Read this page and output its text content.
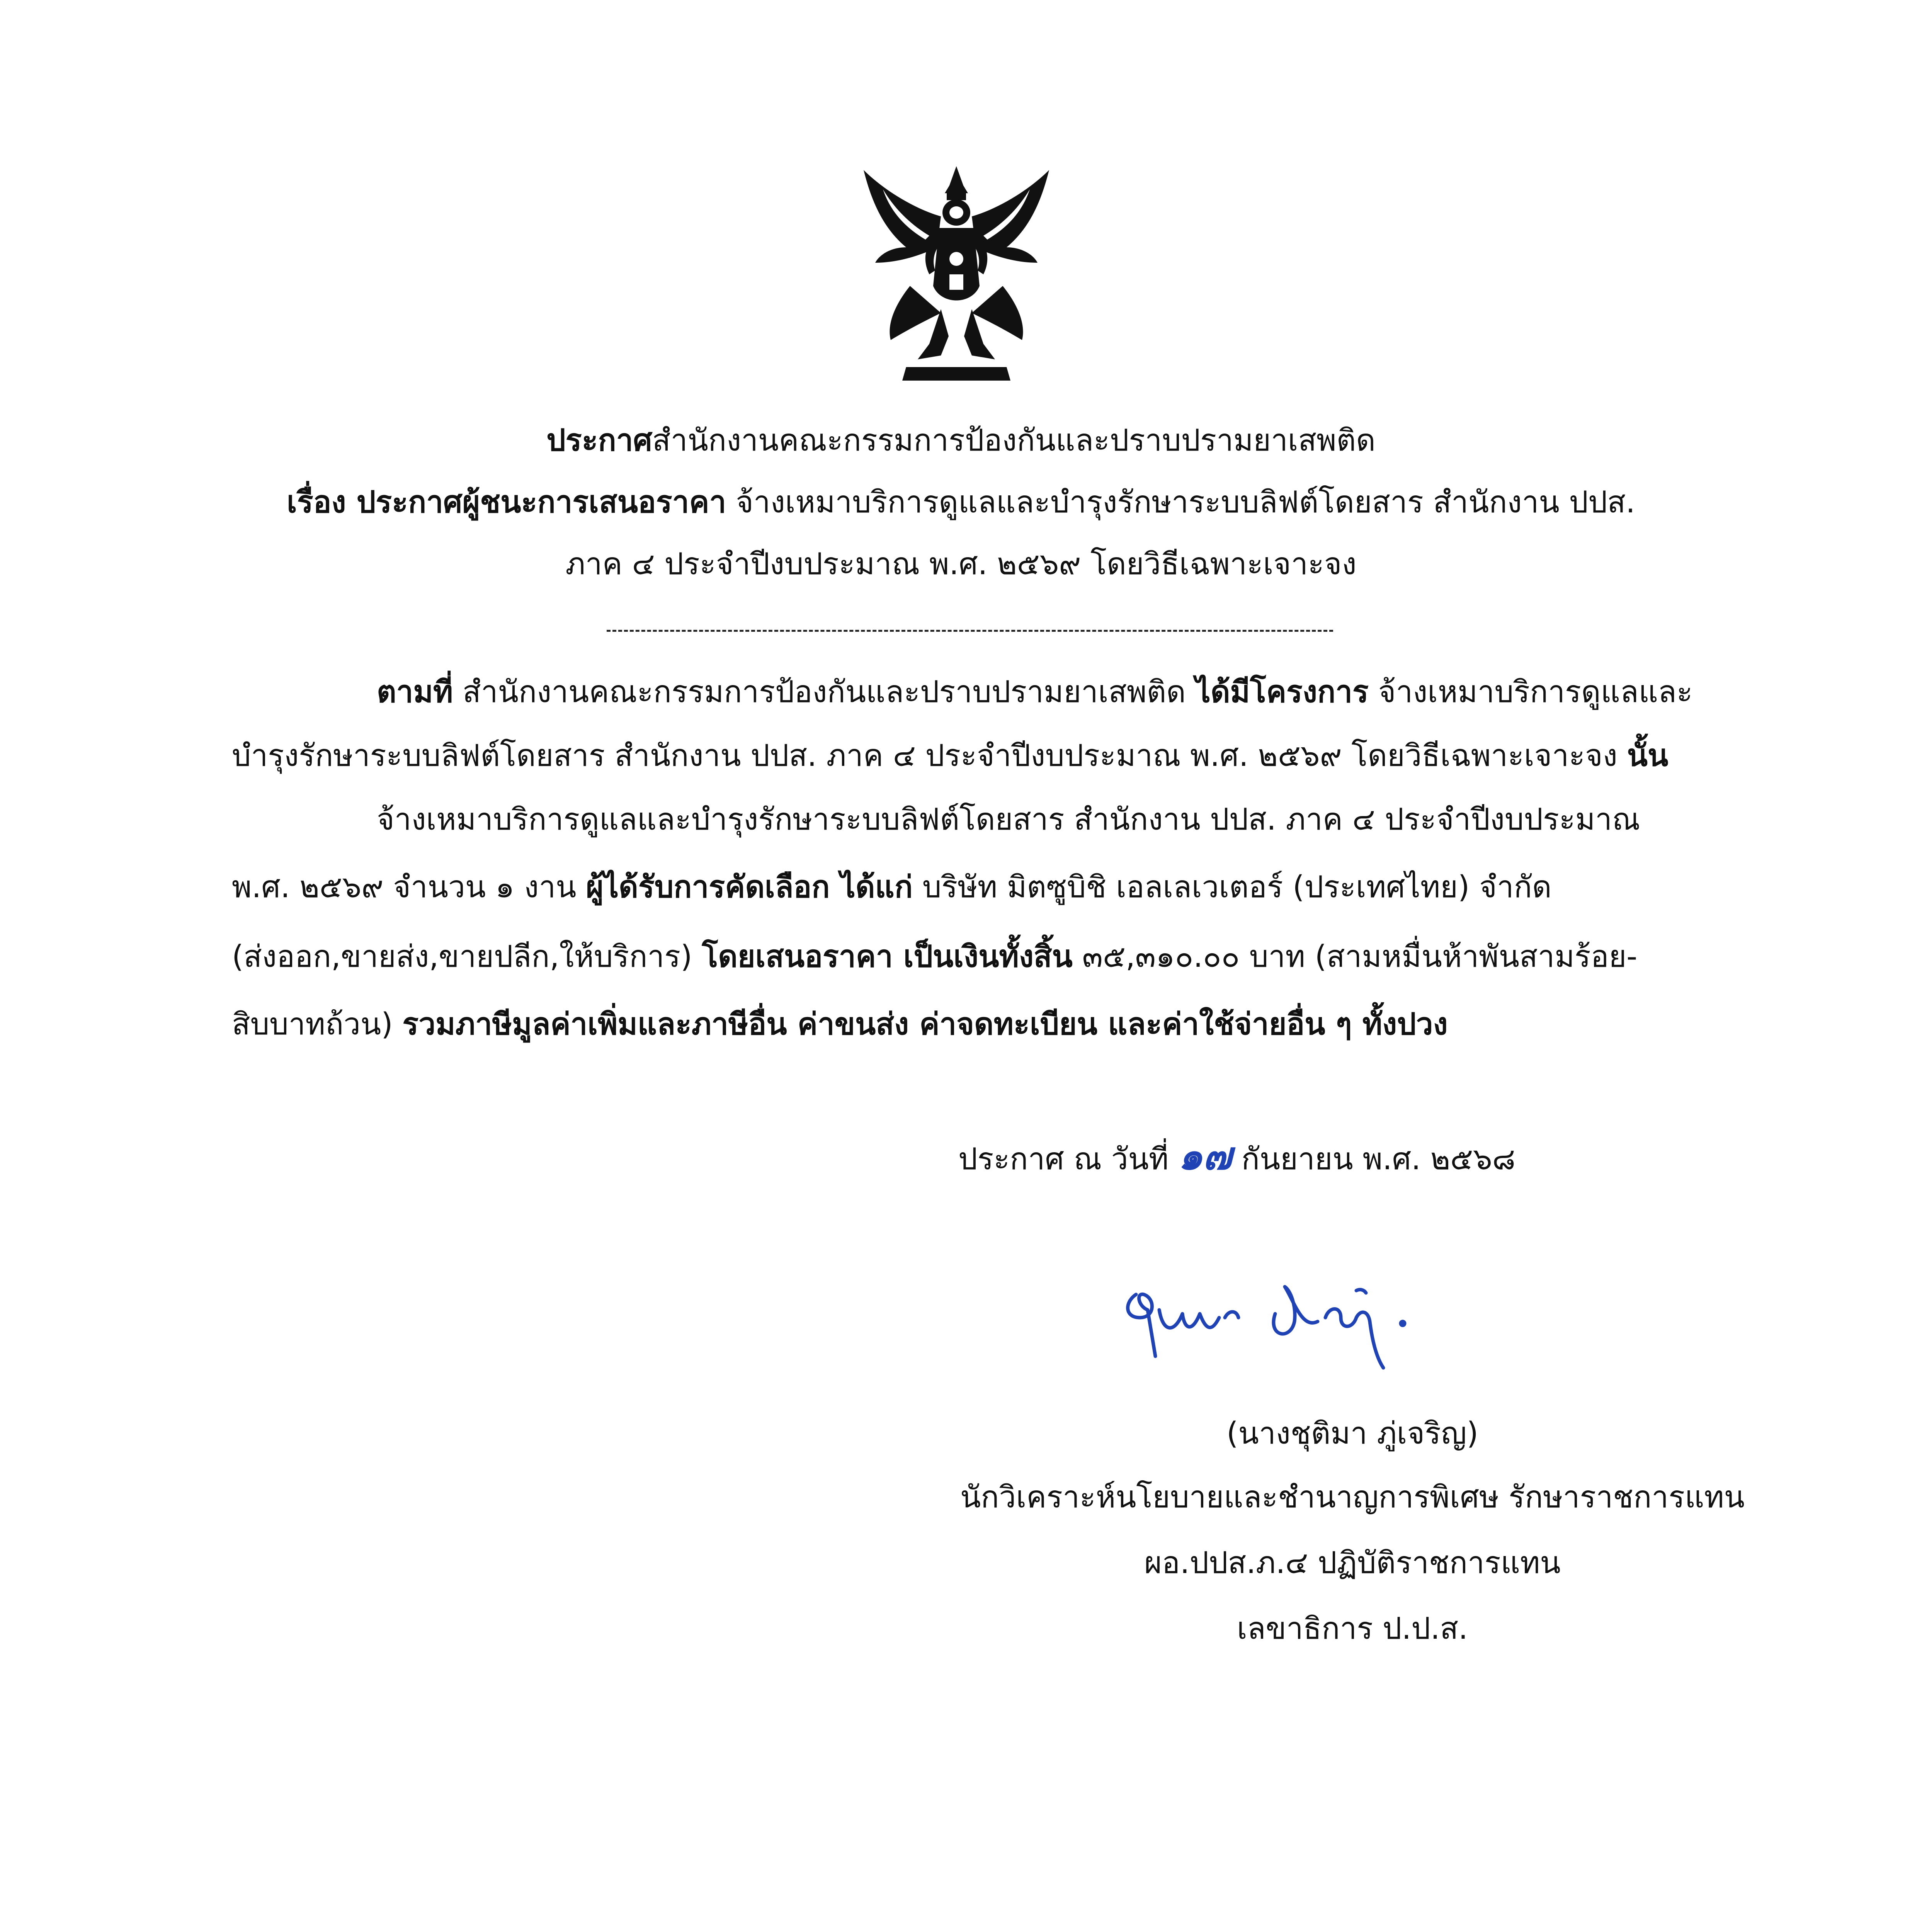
ประกาศสำนักงานคณะกรรมการป้องกันและปราบปรามยาเสพติด
เรื่อง ประกาศผู้ชนะการเสนอราคา จ้างเหมาบริการดูแลและบำรุงรักษาระบบลิฟต์โดยสาร สำนักงาน ปปส.
ภาค ๔ ประจำปีงบประมาณ พ.ศ. ๒๕๖๙ โดยวิธีเฉพาะเจาะจง
ตามที่ สำนักงานคณะกรรมการป้องกันและปราบปรามยาเสพติด ได้มีโครงการ จ้างเหมาบริการดูแลและ
บำรุงรักษาระบบลิฟต์โดยสาร สำนักงาน ปปส. ภาค ๔ ประจำปีงบประมาณ พ.ศ. ๒๕๖๙ โดยวิธีเฉพาะเจาะจง นั้น
จ้างเหมาบริการดูแลและบำรุงรักษาระบบลิฟต์โดยสาร สำนักงาน ปปส. ภาค ๔ ประจำปีงบประมาณ
พ.ศ. ๒๕๖๙ จำนวน ๑ งาน ผู้ได้รับการคัดเลือก ได้แก่ บริษัท มิตซูบิชิ เอลเลเวเตอร์ (ประเทศไทย) จำกัด
(ส่งออก,ขายส่ง,ขายปลีก,ให้บริการ) โดยเสนอราคา เป็นเงินทั้งสิ้น ๓๕,๓๑๐.๐๐ บาท (สามหมื่นห้าพันสามร้อย-
สิบบาทถ้วน) รวมภาษีมูลค่าเพิ่มและภาษีอื่น ค่าขนส่ง ค่าจดทะเบียน และค่าใช้จ่ายอื่น ๆ ทั้งปวง
ประกาศ ณ วันที่ ๑๗ กันยายน พ.ศ. ๒๕๖๘
(นางชุติมา ภู่เจริญ)
นักวิเคราะห์นโยบายและชำนาญการพิเศษ รักษาราชการแทน
ผอ.ปปส.ภ.๔ ปฏิบัติราชการแทน
เลขาธิการ ป.ป.ส.
